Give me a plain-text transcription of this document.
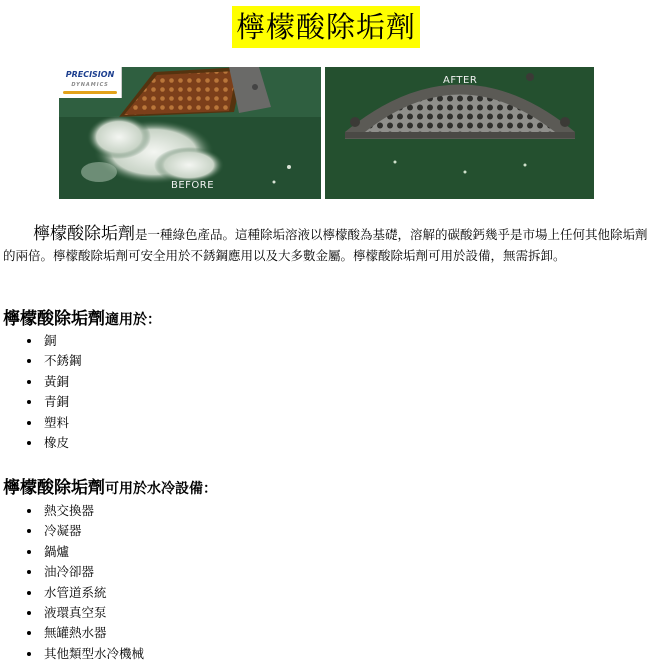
檸檬酸除垢劑
PRECISION
DYNAMICS
BEFORE
AFTER

檸檬酸除垢劑是一種綠色產品。這種除垢溶液以檸檬酸為基礎，溶解的碳酸鈣幾乎是市場上任何其他除垢劑的兩倍。檸檬酸除垢劑可安全用於不銹鋼應用以及大多數金屬。檸檬酸除垢劑可用於設備，無需拆卸。

檸檬酸除垢劑適用於：
• 銅
• 不銹鋼
• 黃銅
• 青銅
• 塑料
• 橡皮
檸檬酸除垢劑可用於水冷設備：
• 熱交換器
• 冷凝器
• 鍋爐
• 油冷卻器
• 水管道系統
• 液環真空泵
• 無罐熱水器
• 其他類型水冷機械
